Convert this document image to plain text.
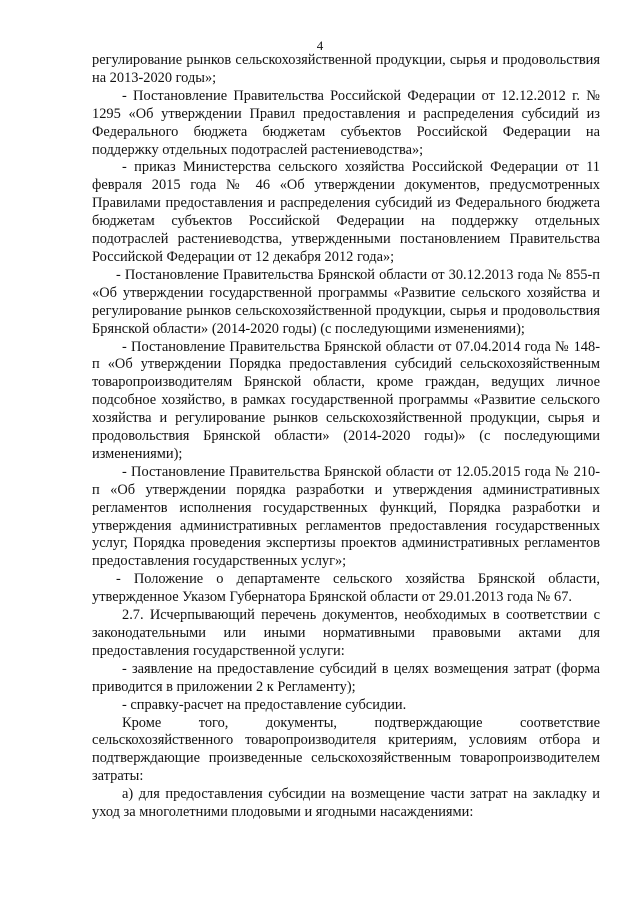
4

регулирование рынков сельскохозяйственной продукции, сырья и продовольствия на 2013-2020 годы»;

- Постановление Правительства Российской Федерации от 12.12.2012 г. № 1295 «Об утверждении Правил предоставления и распределения субсидий из Федерального бюджета бюджетам субъектов Российской Федерации на поддержку отдельных подотраслей растениеводства»;

- приказ Министерства сельского хозяйства Российской Федерации от 11 февраля 2015 года № 46 «Об утверждении документов, предусмотренных Правилами предоставления и распределения субсидий из Федерального бюджета бюджетам субъектов Российской Федерации на поддержку отдельных подотраслей растениеводства, утвержденными постановлением Правительства Российской Федерации от 12 декабря 2012 года»;

- Постановление Правительства Брянской области от 30.12.2013 года № 855-п «Об утверждении государственной программы «Развитие сельского хозяйства и регулирование рынков сельскохозяйственной продукции, сырья и продовольствия Брянской области» (2014-2020 годы) (с последующими изменениями);

- Постановление Правительства Брянской области от 07.04.2014 года № 148-п «Об утверждении Порядка предоставления субсидий сельскохозяйственным товаропроизводителям Брянской области, кроме граждан, ведущих личное подсобное хозяйство, в рамках государственной программы «Развитие сельского хозяйства и регулирование рынков сельскохозяйственной продукции, сырья и продовольствия Брянской области» (2014-2020 годы)» (с последующими изменениями);

- Постановление Правительства Брянской области от 12.05.2015 года № 210-п «Об утверждении порядка разработки и утверждения административных регламентов исполнения государственных функций, Порядка разработки и утверждения административных регламентов предоставления государственных услуг, Порядка проведения экспертизы проектов административных регламентов предоставления государственных услуг»;

- Положение о департаменте сельского хозяйства Брянской области, утвержденное Указом Губернатора Брянской области от 29.01.2013 года № 67.

2.7. Исчерпывающий перечень документов, необходимых в соответствии с законодательными или иными нормативными правовыми актами для предоставления государственной услуги:

- заявление на предоставление субсидий в целях возмещения затрат (форма приводится в приложении 2 к Регламенту);

- справку-расчет на предоставление субсидии.

Кроме того, документы, подтверждающие соответствие сельскохозяйственного товаропроизводителя критериям, условиям отбора и подтверждающие произведенные сельскохозяйственным товаропроизводителем затраты:

а) для предоставления субсидии на возмещение части затрат на закладку и уход за многолетними плодовыми и ягодными насаждениями:
